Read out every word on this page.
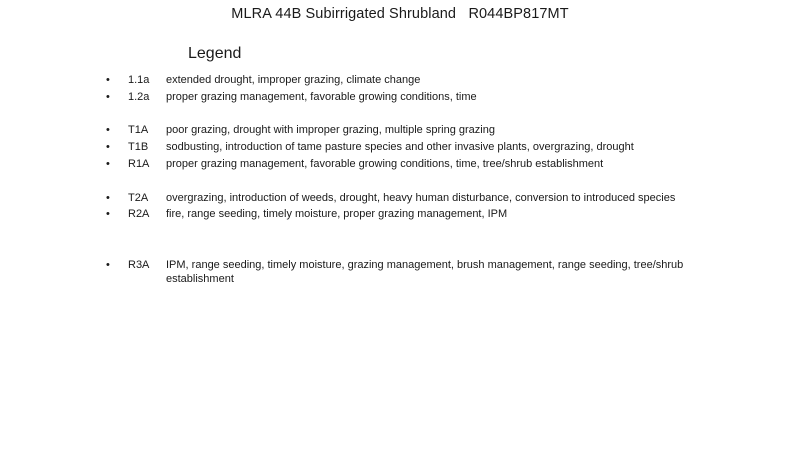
MLRA 44B Subirrigated Shrubland   R044BP817MT
Legend
• 1.1a extended drought, improper grazing, climate change
• 1.2a proper grazing management, favorable growing conditions, time
• T1A poor grazing, drought with improper grazing, multiple spring grazing
• T1B sodbusting, introduction of tame pasture species and other invasive plants, overgrazing, drought
• R1A proper grazing management, favorable growing conditions, time, tree/shrub establishment
• T2A overgrazing, introduction of weeds, drought, heavy human disturbance, conversion to introduced species
• R2A fire, range seeding, timely moisture, proper grazing management, IPM
• R3A IPM, range seeding, timely moisture, grazing management, brush management, range seeding, tree/shrub establishment
